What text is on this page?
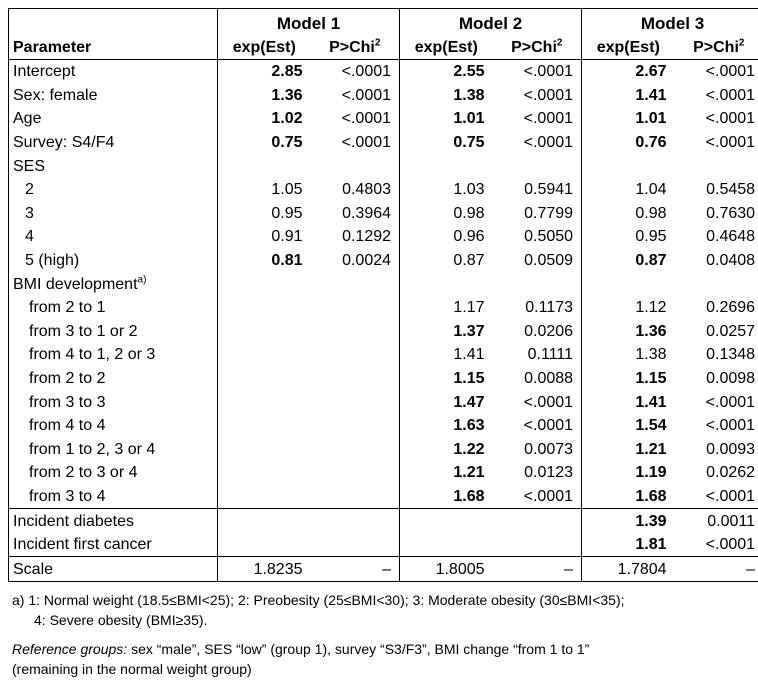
	Model 1		Model 2		Model 3	
Parameter	exp(Est)	P>Chi$^2$	exp(Est)	P>Chi$^2$	exp(Est)	P>Chi$^2$
Intercept	2.85	<.0001	2.55	<.0001	2.67	<.0001
Sex: female	1.36	<.0001	1.38	<.0001	1.41	<.0001
Age	1.02	<.0001	1.01	<.0001	1.01	<.0001
Survey: S4/F4	0.75	<.0001	0.75	<.0001	0.76	<.0001
SES						
2	1.05	0.4803	1.03	0.5941	1.04	0.5458
3	0.95	0.3964	0.98	0.7799	0.98	0.7630
4	0.91	0.1292	0.96	0.5050	0.95	0.4648
5 (high)	0.81	0.0024	0.87	0.0509	0.87	0.0408
BMI development$^{a)}$						
from 2 to 1			1.17	0.1173	1.12	0.2696
from 3 to 1 or 2			1.37	0.0206	1.36	0.0257
from 4 to 1, 2 or 3			1.41	0.1111	1.38	0.1348
from 2 to 2			1.15	0.0088	1.15	0.0098
from 3 to 3			1.47	<.0001	1.41	<.0001
from 4 to 4			1.63	<.0001	1.54	<.0001
from 1 to 2, 3 or 4			1.22	0.0073	1.21	0.0093
from 2 to 3 or 4			1.21	0.0123	1.19	0.0262
from 3 to 4			1.68	<.0001	1.68	<.0001
Incident diabetes					1.39	0.0011
Incident first cancer					1.81	<.0001
Scale	1.8235	–	1.8005	–	1.7804	–

a) 1: Normal weight (18.5≤BMI<25); 2: Preobesity (25≤BMI<30); 3: Moderate obesity (30≤BMI<35);

4: Severe obesity (BMI≥35).

Reference groups: sex “male”, SES “low” (group 1), survey “S3/F3”, BMI change “from 1 to 1”

(remaining in the normal weight group)
